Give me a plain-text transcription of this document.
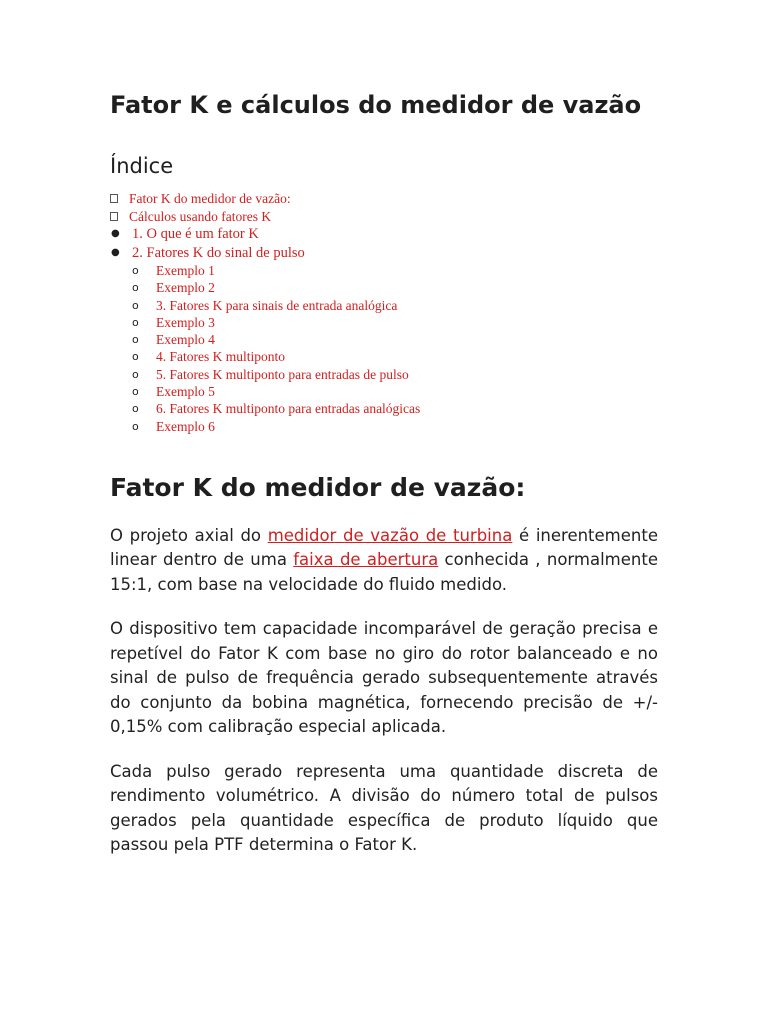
Fator K e cálculos do medidor de vazão
Índice
Fator K do medidor de vazão:
Cálculos usando fatores K
● 1. O que é um fator K
● 2. Fatores K do sinal de pulso
o Exemplo 1
o Exemplo 2
o 3. Fatores K para sinais de entrada analógica
o Exemplo 3
o Exemplo 4
o 4. Fatores K multiponto
o 5. Fatores K multiponto para entradas de pulso
o Exemplo 5
o 6. Fatores K multiponto para entradas analógicas
o Exemplo 6
Fator K do medidor de vazão:

O projeto axial do medidor de vazão de turbina é inerentemente linear dentro de uma faixa de abertura conhecida , normalmente 15:1, com base na velocidade do fluido medido.

O dispositivo tem capacidade incomparável de geração precisa e repetível do Fator K com base no giro do rotor balanceado e no sinal de pulso de frequência gerado subsequentemente através do conjunto da bobina magnética, fornecendo precisão de +/- 0,15% com calibração especial aplicada.

Cada pulso gerado representa uma quantidade discreta de rendimento volumétrico. A divisão do número total de pulsos gerados pela quantidade específica de produto líquido que passou pela PTF determina o Fator K.
